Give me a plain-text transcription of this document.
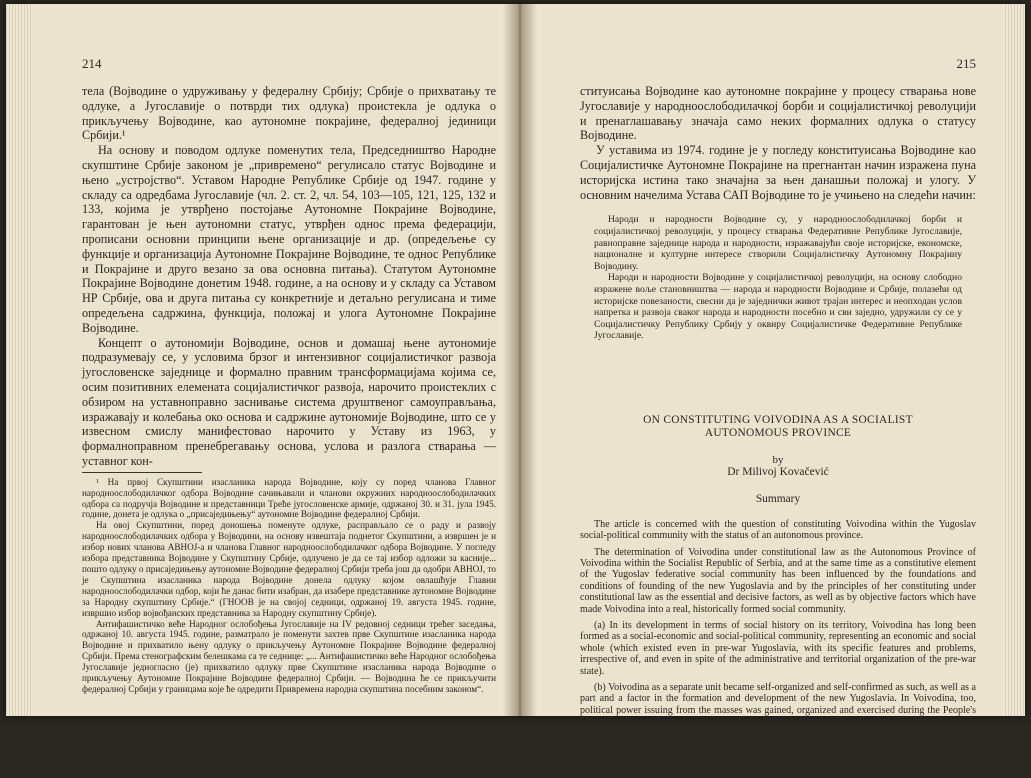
214

тела (Војводине о удруживању у федералну Србију; Србије о прихватању те одлуке, а Југославије о потврди тих одлука) проистекла је одлука о прикључењу Војводине, као аутономне покрајине, федералној јединици Србији.¹

На основу и поводом одлуке поменутих тела, Председништво Народне скупштине Србије законом је „привремено“ регулисало статус Војводине и њено „устројство“. Уставом Народне Републике Србије од 1947. године у складу са одредбама Југославије (чл. 2. ст. 2, чл. 54, 103—105, 121, 125, 132 и 133, којима је утврђено постојање Аутономне Покрајине Војводине, гарантован је њен аутономни статус, утврђен однос према федерацији, прописани основни принципи њене организације и др. (опредељење су функције и организација Аутономне Покрајине Војводине, те однос Републике и Покрајине и друго везано за ова основна питања). Статутом Аутономне Покрајине Војводине донетим 1948. године, а на основу и у складу са Уставом НР Србије, ова и друга питања су конкретније и детаљно регулисана и тиме опредељена садржина, функција, положај и улога Аутономне Покрајине Војводине.

Концепт о аутономији Војводине, основ и домашај њене аутономије подразумевају се, у условима брзог и интензивног социјалистичког развоја југословенске заједнице и формално правним трансформацијама којима се, осим позитивних елемената социјалистичког развоја, нарочито проистеклих с обзиром на уставноправно заснивање система друштвеног самоуправљања, изражавају и колебања око основа и садржине аутономије Војводине, што се у извесном смислу манифестовао нарочито у Уставу из 1963, у формалноправном пренебрегавању основа, услова и разлога стварања — уставног кон-

¹ На првој Скупштини изасланика народа Војводине, коју су поред чланова Главног народноослободилачког одбора Војводине сачињавали и чланови окружних народноослободилачких одбора са подручја Војводине и представници Треће југословенске армије, одржаној 30. и 31. јула 1945. године, донета је одлука о „присаједињењу“ аутономне Војводине федералној Србији.

На овој Скупштини, поред доношења поменуте одлуке, расправљало се о раду и развоју народноослободилачких одбора у Војводини, на основу извештаја поднетог Скупштини, а извршен је и избор нових чланова АВНОЈ-а и чланова Главног народноослободилачког одбора Војводине. У погледу избора представника Војводине у Скупштину Србије, одлучено је да се тај избор одложи за касније... пошто одлуку о присаједињењу аутономне Војводине федералној Србији треба још да одобри АВНОЈ, то је Скупштина изасланика народа Војводине донела одлуку којом овлашћује Главни народноослободилачки одбор, који ће данас бити изабран, да изабере представнике аутономне Војводине за Народну скупштину Србије.“ (ГНООВ је на својој седници, одржаној 19. августа 1945. године, извршио избор војвођанских представника за Народну скупштину Србије).

Антифашистичко веће Народног ослобођења Југославије на IV редовној седници трећег заседања, одржаној 10. августа 1945. године, разматрало је поменути захтев прве Скупштине изасланика народа Војводине и прихватило њену одлуку о прикључењу Аутономне Покрајине Војводине федералној Србији. Према стенографским белешкама са те седнице: „... Антифашистичко веће Народног ослобођења Југославије једногласно (је) прихватило одлуку прве Скупштине изасланика народа Војводине о прикључењу Аутономне Покрајине Војводине федералној Србији. — Војводина ће се прикључити федералној Србији у границама које ће одредити Привремена народна скупштина посебним законом“.

215

ституисања Војводине као аутономне покрајине у процесу стварања нове Југославије у народноослободилачкој борби и социјалистичкој револуцији и пренаглашавању значаја само неких формалних одлука о статусу Војводине.

У уставима из 1974. године је у погледу конституисања Војводине као Социјалистичке Аутономне Покрајине на прегнантан начин изражена пуна историјска истина тако значајна за њен данашњи положај и улогу. У основним начелима Устава САП Војводине то је учињено на следећи начин:

Народи и народности Војводине су, у народноослободилачкој борби и социјалистичкој револуцији, у процесу стварања Федеративне Републике Југославије, равноправне заједнице народа и народности, изражавајући своје историјске, економске, националне и културне интересе створили Социјалистичку Аутономну Покрајину Војводину.

Народи и народности Војводине у социјалистичкој револуцији, на основу слободно изражене воље становништва — народа и народности Војводине и Србије, полазећи од историјске повезаности, свесни да је заједнички живот трајан интерес и неопходан услов напретка и развоја сваког народа и народности посебно и сви заједно, удружили су се у Социјалистичку Републику Србију у оквиру Социјалистичке Федеративне Републике Југославије.

ON CONSTITUTING VOIVODINA AS A SOCIALIST
AUTONOMOUS PROVINCE
by
Dr Milivoj Kovačević
Summary

The article is concerned with the question of constituting Voivodina within the Yugoslav social-political community with the status of an autonomous province.

The determination of Voivodina under constitutional law as the Autonomous Province of Voivodina within the Socialist Republic of Serbia, and at the same time as a constitutive element of the Yugoslav federative social community has been influenced by the foundations and conditions of founding of the new Yugoslavia and by the principles of her constituting under constitutional law as the essential and decisive factors, as well as by objective factors which have made Voivodina into a real, historically formed social community.

(a) In its development in terms of social history on its territory, Voivodina has long been formed as a social-economic and social-political community, representing an economic and social whole (which existed even in pre-war Yugoslavia, with its specific features and problems, irrespective of, and even in spite of the administrative and territorial organization of the pre-war state).

(b) Voivodina as a separate unit became self-organized and self-confirmed as such, as well as a part and a factor in the formation and development of the new Yugoslavia. In Voivodina, too, political power issuing from the masses was gained, organized and exercised during the People's Liberation War and the military part of the Socialist Revolution, following the „natural“ course and needs of the development of the People's Liberation War of the nations and nationalities of Voivodina as part of the National Liberation War of Yugoslavia, and it was on this basis that Voivodina was constituted as a separate unit within the new Yugoslavia, founded on new principles.
